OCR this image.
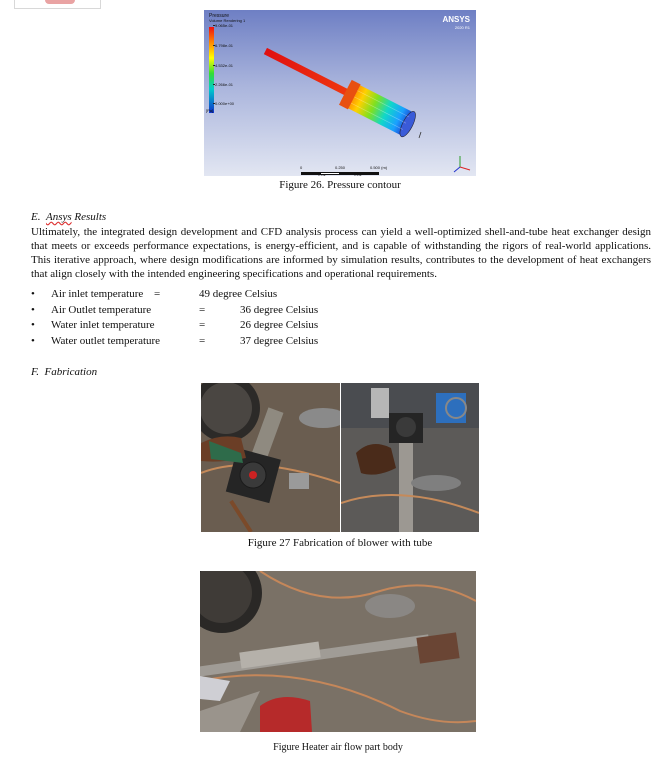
Pressure
Volume Rendering 1
9.065e-01
6.798e-01
4.532e-01
2.266e-01
0.000e+00
[Pa]
ANSYS
2020 R1
0	0.250	0.500 (m)
0.125	0.375
Figure 26. Pressure contour
E. Ansys Results
Ultimately, the integrated design development and CFD analysis process can yield a well-optimized shell-and-tube heat exchanger design that meets or exceeds performance expectations, is energy-efficient, and is capable of withstanding the rigors of real-world applications. This iterative approach, where design modifications are informed by simulation results, contributes to the development of heat exchangers that align closely with the intended engineering specifications and operational requirements.
• Air inlet temperature =	49 degree Celsius
• Air Outlet temperature	=	36 degree Celsius
• Water inlet temperature	=	26 degree Celsius
• Water outlet temperature	=	37 degree Celsius
F.  Fabrication
Figure 27 Fabrication of blower with tube
Figure Heater air flow part body
